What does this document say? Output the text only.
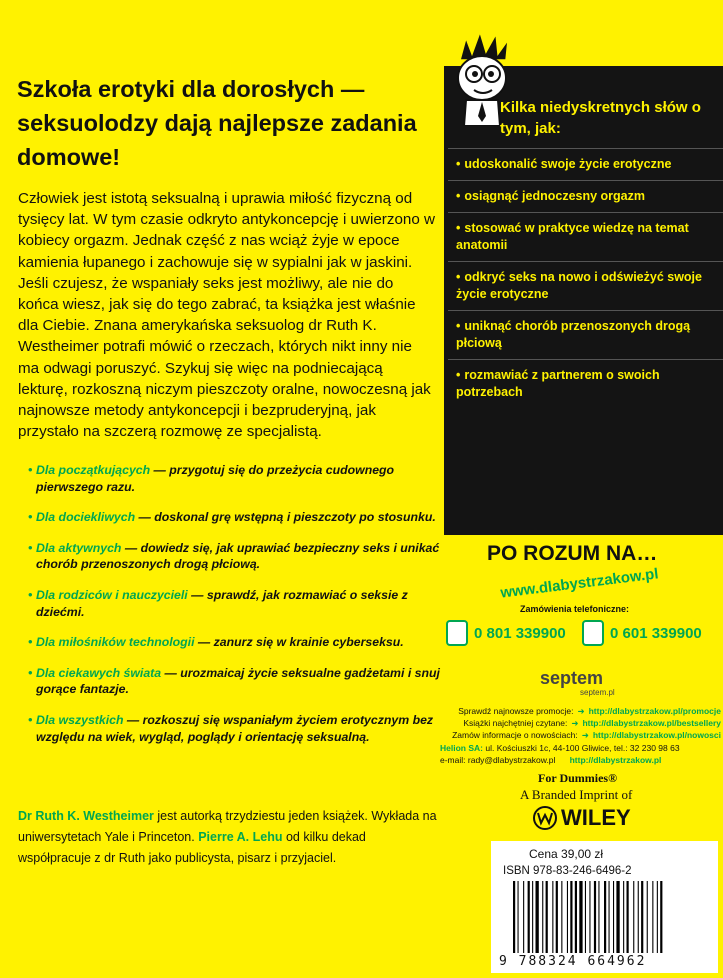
Kilka niedyskretnych słów o tym, jak:
• udoskonalić swoje życie erotyczne
• osiągnąć jednoczesny orgazm
• stosować w praktyce wiedzę na temat anatomii
• odkryć seks na nowo i odświeżyć swoje życie erotyczne
• uniknąć chorób przenoszonych drogą płciową
• rozmawiać z partnerem o swoich potrzebach
Szkoła erotyki dla dorosłych — seksuolodzy dają najlepsze zadania domowe!
Człowiek jest istotą seksualną i uprawia miłość fizyczną od tysięcy lat. W tym czasie odkryto antykoncepcję i uwierzono w kobiecy orgazm. Jednak część z nas wciąż żyje w epoce kamienia łupanego i zachowuje się w sypialni jak w jaskini. Jeśli czujesz, że wspaniały seks jest możliwy, ale nie do końca wiesz, jak się do tego zabrać, ta książka jest właśnie dla Ciebie. Znana amerykańska seksuolog dr Ruth K. Westheimer potrafi mówić o rzeczach, których nikt inny nie ma odwagi poruszyć. Szykuj się więc na podniecającą lekturę, rozkoszną niczym pieszczoty oralne, nowoczesną jak najnowsze metody antykoncepcji i bezpruderyjną, jak przystało na szczerą rozmowę ze specjalistą.
• Dla początkujących — przygotuj się do przeżycia cudownego pierwszego razu.
• Dla dociekliwych — doskonal grę wstępną i pieszczoty po stosunku.
• Dla aktywnych — dowiedz się, jak uprawiać bezpieczny seks i unikać chorób przenoszonych drogą płciową.
• Dla rodziców i nauczycieli — sprawdź, jak rozmawiać o seksie z dziećmi.
• Dla miłośników technologii — zanurz się w krainie cyberseksu.
• Dla ciekawych świata — urozmaicaj życie seksualne gadżetami i snuj gorące fantazje.
• Dla wszystkich — rozkoszuj się wspaniałym życiem erotycznym bez względu na wiek, wygląd, poglądy i orientację seksualną.
Dr Ruth K. Westheimer jest autorką trzydziestu jeden książek. Wykłada na uniwersytetach Yale i Princeton. Pierre A. Lehu od kilku dekad współpracuje z dr Ruth jako publicysta, pisarz i przyjaciel.
PO ROZUM NA…
www.dlabystrzakow.pl
Zamówienia telefoniczne:
0 801 339900	0 601 339900
septem
septem.pl
Sprawdź najnowsze promocje: ➜ http://dlabystrzakow.pl/promocje
Książki najchętniej czytane: ➜ http://dlabystrzakow.pl/bestsellery
Zamów informacje o nowościach: ➜ http://dlabystrzakow.pl/nowosci
Helion SA: ul. Kościuszki 1c, 44-100 Gliwice, tel.: 32 230 98 63
e-mail: rady@dlabystrzakow.pl http://dlabystrzakow.pl
For Dummies®
A Branded Imprint of
WILEY
Cena 39,00 zł
ISBN 978-83-246-6496-2
9 788324 664962
